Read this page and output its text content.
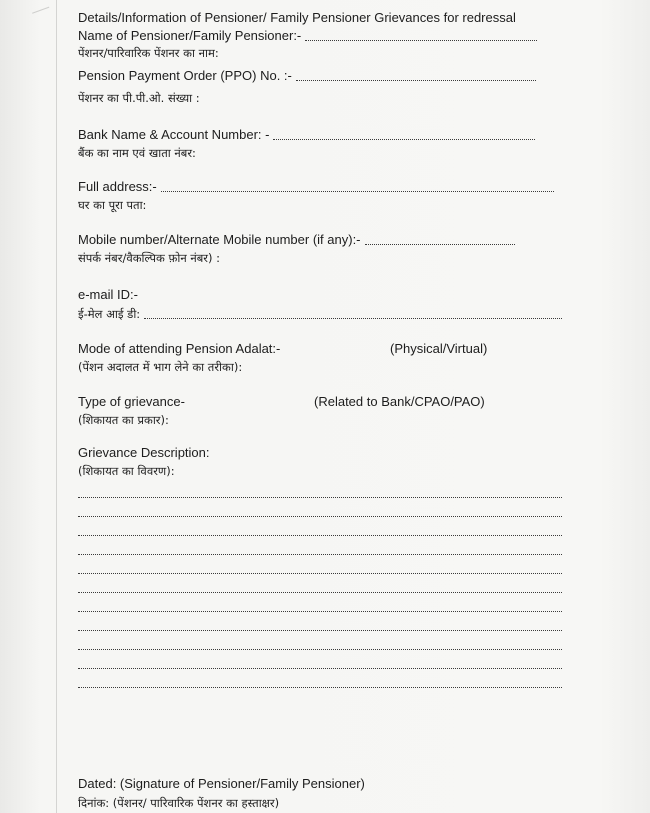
Details/Information of Pensioner/ Family Pensioner Grievances for redressal
Name of Pensioner/Family Pensioner:-
पेंशनर/पारिवारिक पेंशनर का नाम:
Pension Payment Order (PPO) No. :-
पेंशनर का पी.पी.ओ. संख्या :
Bank Name & Account Number: -
बैंक का नाम एवं खाता नंबर:
Full address:-
घर का पूरा पता:
Mobile number/Alternate Mobile number (if any):-
संपर्क नंबर/वैकल्पिक फ़ोन नंबर) :
e-mail ID:-
ई-मेल आई डी:
Mode of attending Pension Adalat:-	(Physical/Virtual)
(पेंशन अदालत में भाग लेने का तरीका):
Type of grievance-	(Related to Bank/CPAO/PAO)
(शिकायत का प्रकार):
Grievance Description:
(शिकायत का विवरण):
Dated: (Signature of Pensioner/Family Pensioner)
दिनांक: (पेंशनर/ पारिवारिक पेंशनर का हस्ताक्षर)
